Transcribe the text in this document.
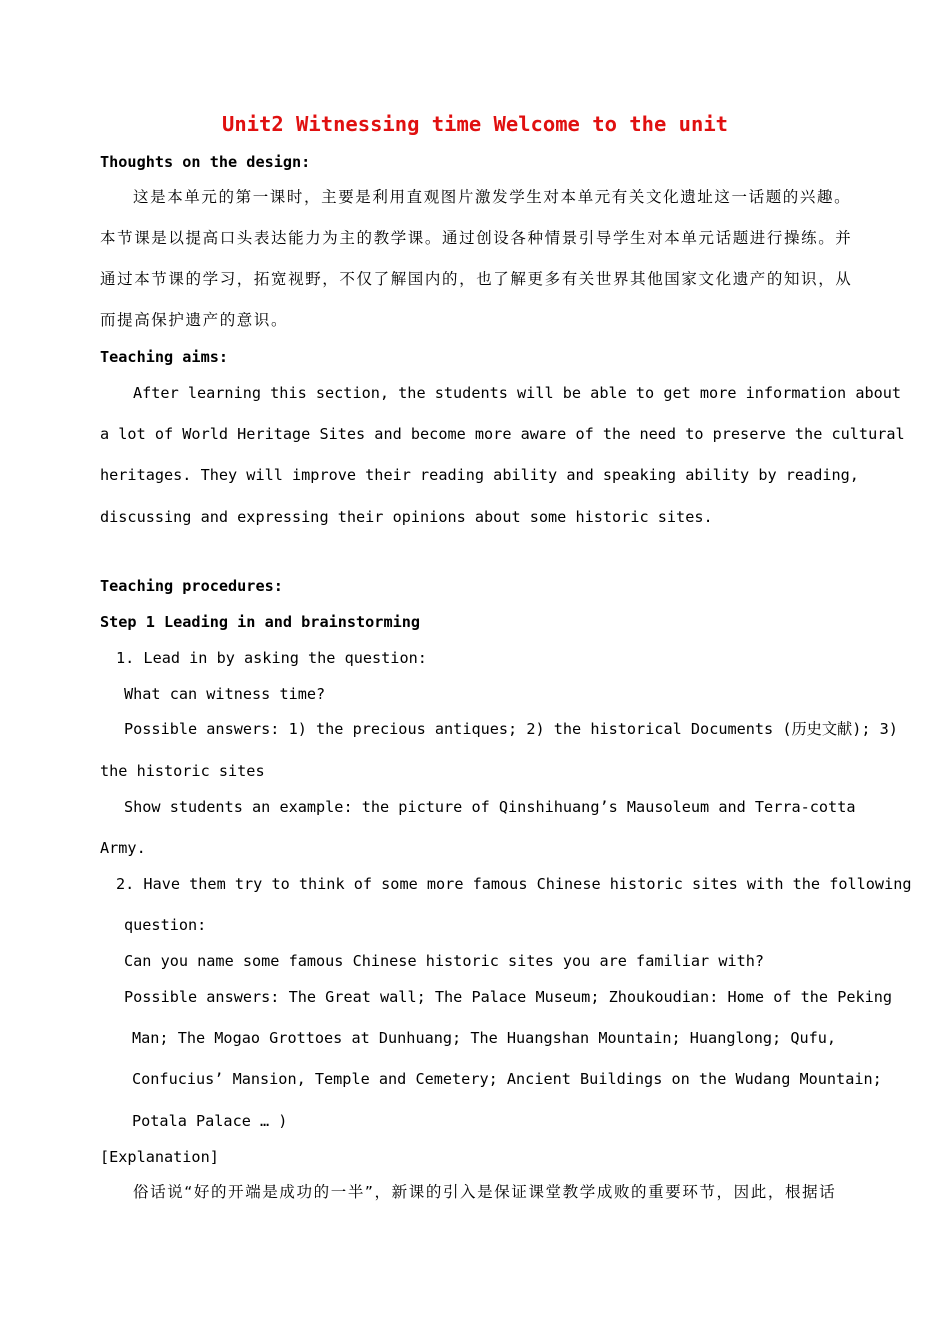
Unit2 Witnessing time Welcome to the unit
Thoughts on the design:
这是本单元的第一课时，主要是利用直观图片激发学生对本单元有关文化遗址这一话题的兴趣。
本节课是以提高口头表达能力为主的教学课。通过创设各种情景引导学生对本单元话题进行操练。并
通过本节课的学习，拓宽视野，不仅了解国内的，也了解更多有关世界其他国家文化遗产的知识，从
而提高保护遗产的意识。
Teaching aims:
After learning this section, the students will be able to get more information about
a lot of World Heritage Sites and become more aware of the need to preserve the cultural
heritages. They will improve their reading ability and speaking ability by reading,
discussing and expressing their opinions about some historic sites.
Teaching procedures:
Step 1 Leading in and brainstorming
1. Lead in by asking the question:
What can witness time?
Possible answers: 1) the precious antiques; 2) the historical Documents (历史文献); 3)
the historic sites
Show students an example: the picture of Qinshihuang’s Mausoleum and Terra-cotta
Army.
2. Have them try to think of some more famous Chinese historic sites with the following
question:
Can you name some famous Chinese historic sites you are familiar with?
Possible answers: The Great wall; The Palace Museum; Zhoukoudian: Home of the Peking
Man; The Mogao Grottoes at Dunhuang; The Huangshan Mountain; Huanglong; Qufu,
Confucius’ Mansion, Temple and Cemetery; Ancient Buildings on the Wudang Mountain;
Potala Palace … )
[Explanation]
俗话说“好的开端是成功的一半”，新课的引入是保证课堂教学成败的重要环节，因此，根据话
